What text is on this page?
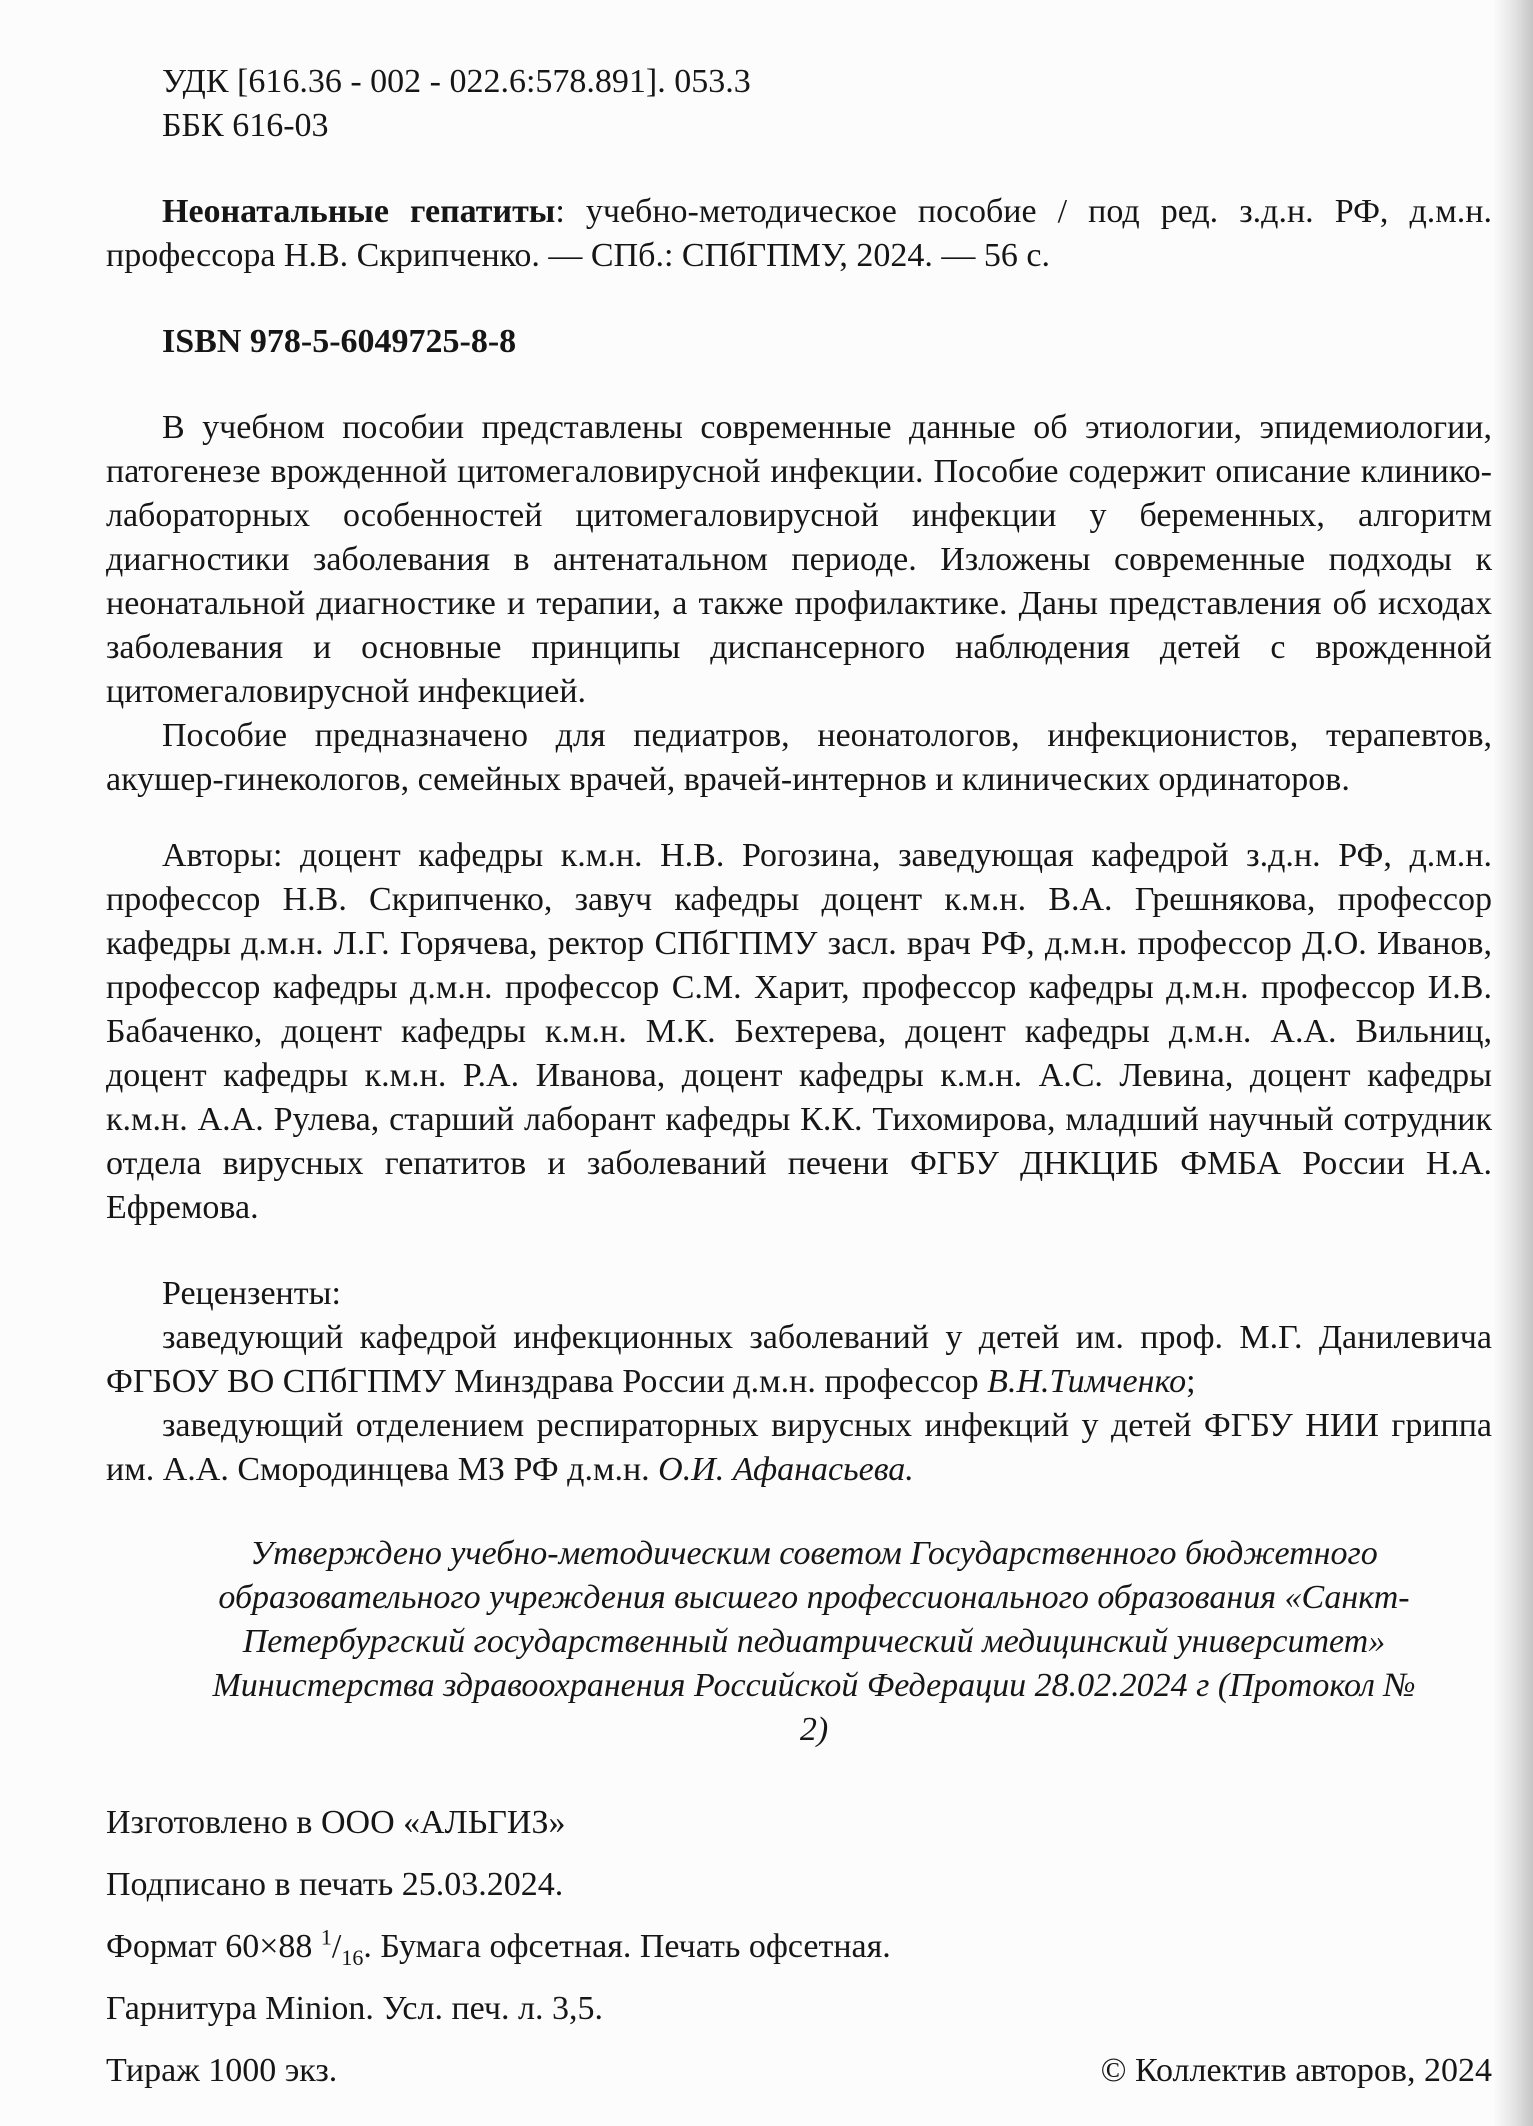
УДК [616.36 - 002 - 022.6:578.891]. 053.3

ББК 616-03

Неонатальные гепатиты: учебно-методическое пособие / под ред. з.д.н. РФ, д.м.н. профессора Н.В. Скрипченко. — СПб.: СПбГПМУ, 2024. — 56 с.

ISBN 978-5-6049725-8-8

В учебном пособии представлены современные данные об этиологии, эпидемиологии, патогенезе врожденной цитомегаловирусной инфекции. Пособие содержит описание клинико-лабораторных особенностей цитомегаловирусной инфекции у беременных, алгоритм диагностики заболевания в антенатальном периоде. Изложены современные подходы к неонатальной диагностике и терапии, а также профилактике. Даны представления об исходах заболевания и основные принципы диспансерного наблюдения детей с врожденной цитомегаловирусной инфекцией.

Пособие предназначено для педиатров, неонатологов, инфекционистов, терапевтов, акушер-гинекологов, семейных врачей, врачей-интернов и клинических ординаторов.

Авторы: доцент кафедры к.м.н. Н.В. Рогозина, заведующая кафедрой з.д.н. РФ, д.м.н. профессор Н.В. Скрипченко, завуч кафедры доцент к.м.н. В.А. Грешнякова, профессор кафедры д.м.н. Л.Г. Горячева, ректор СПбГПМУ засл. врач РФ, д.м.н. профессор Д.О. Иванов, профессор кафедры д.м.н. профессор С.М. Харит, профессор кафедры д.м.н. профессор И.В. Бабаченко, доцент кафедры к.м.н. М.К. Бехтерева, доцент кафедры д.м.н. А.А. Вильниц, доцент кафедры к.м.н. Р.А. Иванова, доцент кафедры к.м.н. А.С. Левина, доцент кафедры к.м.н. А.А. Рулева, старший лаборант кафедры К.К. Тихомирова, младший научный сотрудник отдела вирусных гепатитов и заболеваний печени ФГБУ ДНКЦИБ ФМБА России Н.А. Ефремова.

Рецензенты:

заведующий кафедрой инфекционных заболеваний у детей им. проф. М.Г. Данилевича ФГБОУ ВО СПбГПМУ Минздрава России д.м.н. профессор В.Н.Тимченко;

заведующий отделением респираторных вирусных инфекций у детей ФГБУ НИИ гриппа им. А.А. Смородинцева МЗ РФ д.м.н. О.И. Афанасьева.

Утверждено учебно-методическим советом Государственного бюджетного образовательного учреждения высшего профессионального образования «Санкт-Петербургский государственный педиатрический медицинский университет» Министерства здравоохранения Российской Федерации 28.02.2024 г (Протокол № 2)

Изготовлено в ООО «АЛЬГИЗ»

Подписано в печать 25.03.2024.

Формат 60×88 $^1/_{16}$. Бумага офсетная. Печать офсетная.

Гарнитура Minion. Усл. печ. л. 3,5.

Тираж 1000 экз.	© Коллектив авторов, 2024
